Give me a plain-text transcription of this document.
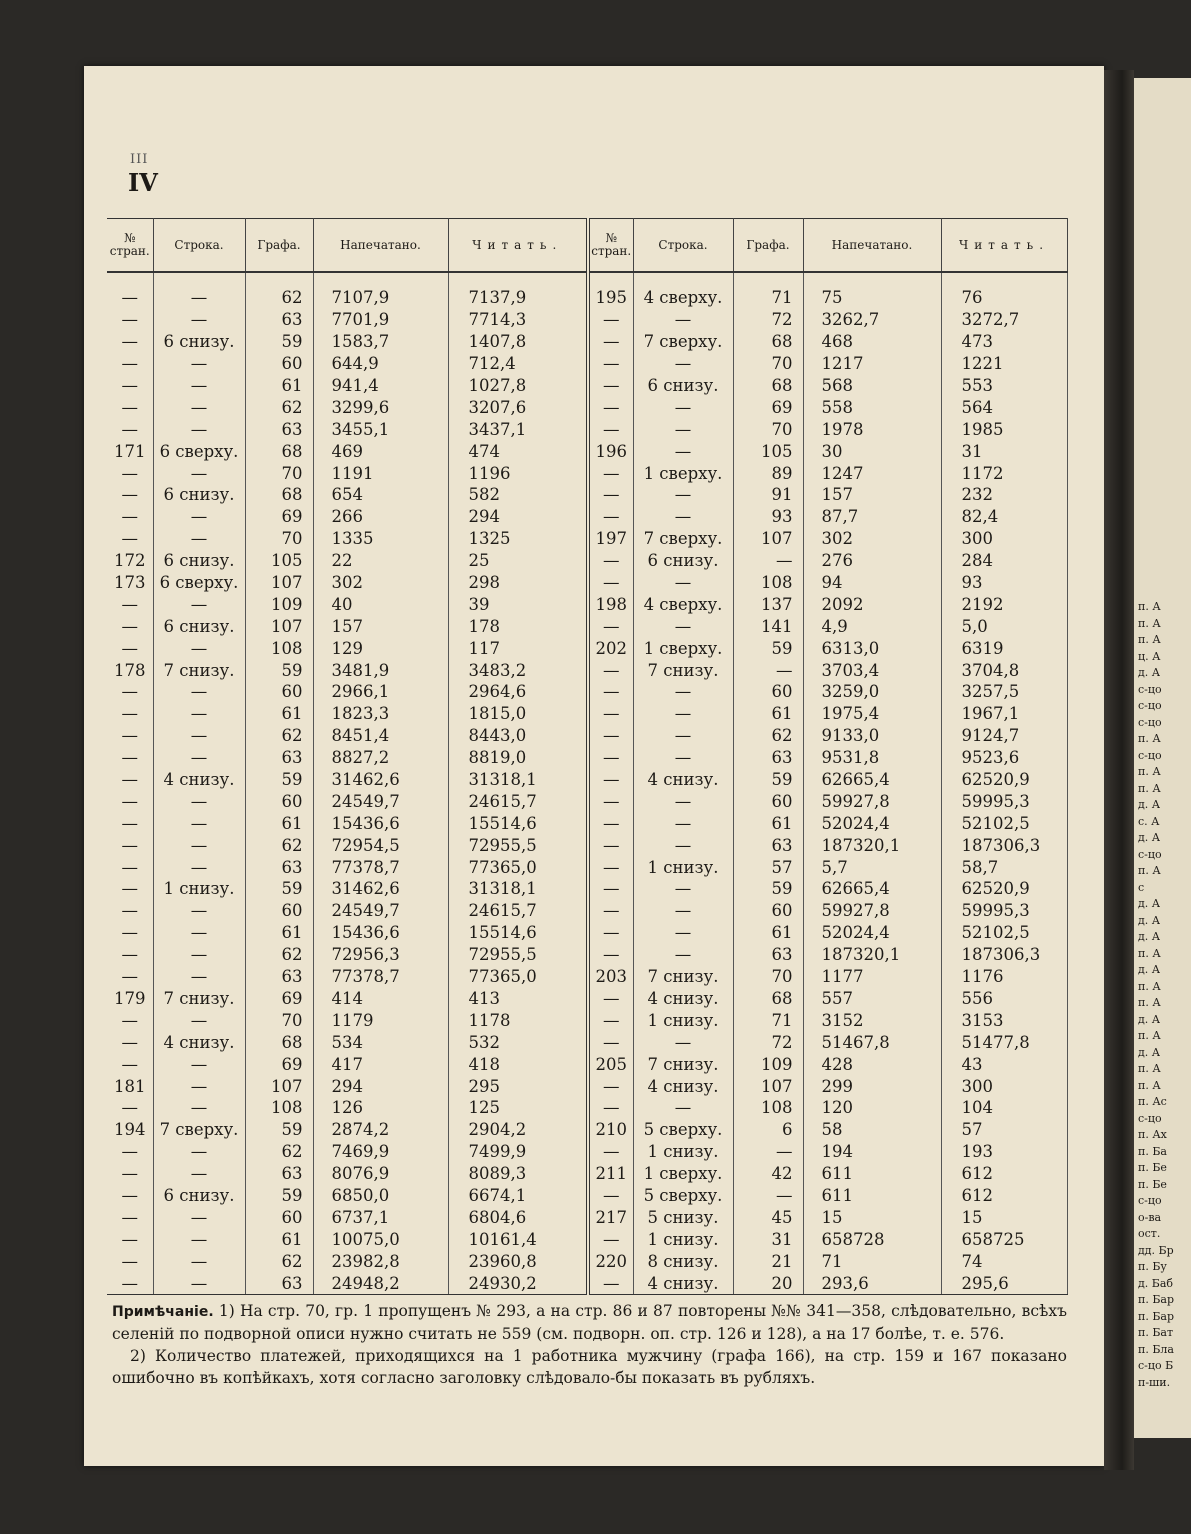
п. А
п. А
п. А
ц. А
д. А
с-цо
с-цо
с-цо
п. А
с-цо
п. А
п. А
д. А
с. А
д. А
с-цо
п. А
с
д. А
д. А
д. А
п. А
д. А
п. А
п. А
д. А
п. А
д. А
п. А
п. А
п. Ас
с-цо
п. Ах
п. Ба
п. Бе
п. Бе
с-цо
о-ва
ост.
дд. Бр
п. Бу
д. Баб
п. Бар
п. Бар
п. Бат
п. Бла
с-цо Б
п-ши.
III
IV
№ стран.	Строка.	Графа.	Напечатано.	Читать.	№ стран.	Строка.	Графа.	Напечатано.	Читать.
—	—	62	7107,9	7137,9	195	4 сверху.	71	75	76
—	—	63	7701,9	7714,3	—	—	72	3262,7	3272,7
—	6 снизу.	59	1583,7	1407,8	—	7 сверху.	68	468	473
—	—	60	644,9	712,4	—	—	70	1217	1221
—	—	61	941,4	1027,8	—	6 снизу.	68	568	553
—	—	62	3299,6	3207,6	—	—	69	558	564
—	—	63	3455,1	3437,1	—	—	70	1978	1985
171	6 сверху.	68	469	474	196	—	105	30	31
—	—	70	1191	1196	—	1 сверху.	89	1247	1172
—	6 снизу.	68	654	582	—	—	91	157	232
—	—	69	266	294	—	—	93	87,7	82,4
—	—	70	1335	1325	197	7 сверху.	107	302	300
172	6 снизу.	105	22	25	—	6 снизу.	—	276	284
173	6 сверху.	107	302	298	—	—	108	94	93
—	—	109	40	39	198	4 сверху.	137	2092	2192
—	6 снизу.	107	157	178	—	—	141	4,9	5,0
—	—	108	129	117	202	1 сверху.	59	6313,0	6319
178	7 снизу.	59	3481,9	3483,2	—	7 снизу.	—	3703,4	3704,8
—	—	60	2966,1	2964,6	—	—	60	3259,0	3257,5
—	—	61	1823,3	1815,0	—	—	61	1975,4	1967,1
—	—	62	8451,4	8443,0	—	—	62	9133,0	9124,7
—	—	63	8827,2	8819,0	—	—	63	9531,8	9523,6
—	4 снизу.	59	31462,6	31318,1	—	4 снизу.	59	62665,4	62520,9
—	—	60	24549,7	24615,7	—	—	60	59927,8	59995,3
—	—	61	15436,6	15514,6	—	—	61	52024,4	52102,5
—	—	62	72954,5	72955,5	—	—	63	187320,1	187306,3
—	—	63	77378,7	77365,0	—	1 снизу.	57	5,7	58,7
—	1 снизу.	59	31462,6	31318,1	—	—	59	62665,4	62520,9
—	—	60	24549,7	24615,7	—	—	60	59927,8	59995,3
—	—	61	15436,6	15514,6	—	—	61	52024,4	52102,5
—	—	62	72956,3	72955,5	—	—	63	187320,1	187306,3
—	—	63	77378,7	77365,0	203	7 снизу.	70	1177	1176
179	7 снизу.	69	414	413	—	4 снизу.	68	557	556
—	—	70	1179	1178	—	1 снизу.	71	3152	3153
—	4 снизу.	68	534	532	—	—	72	51467,8	51477,8
—	—	69	417	418	205	7 снизу.	109	428	43
181	—	107	294	295	—	4 снизу.	107	299	300
—	—	108	126	125	—	—	108	120	104
194	7 сверху.	59	2874,2	2904,2	210	5 сверху.	6	58	57
—	—	62	7469,9	7499,9	—	1 снизу.	—	194	193
—	—	63	8076,9	8089,3	211	1 сверху.	42	611	612
—	6 снизу.	59	6850,0	6674,1	—	5 сверху.	—	611	612
—	—	60	6737,1	6804,6	217	5 снизу.	45	15	15
—	—	61	10075,0	10161,4	—	1 снизу.	31	658728	658725
—	—	62	23982,8	23960,8	220	8 снизу.	21	71	74
—	—	63	24948,2	24930,2	—	4 снизу.	20	293,6	295,6

Примѣчаніе. 1) На стр. 70, гр. 1 пропущенъ № 293, а на стр. 86 и 87 повторены №№ 341—358, слѣдовательно, всѣхъ селеній по подворной описи нужно считать не 559 (см. подворн. оп. стр. 126 и 128), а на 17 болѣе, т. е. 576.

2) Количество платежей, приходящихся на 1 работника мужчину (графа 166), на стр. 159 и 167 показано ошибочно въ копѣйкахъ, хотя согласно заголовку слѣдовало-бы показать въ рубляхъ.
